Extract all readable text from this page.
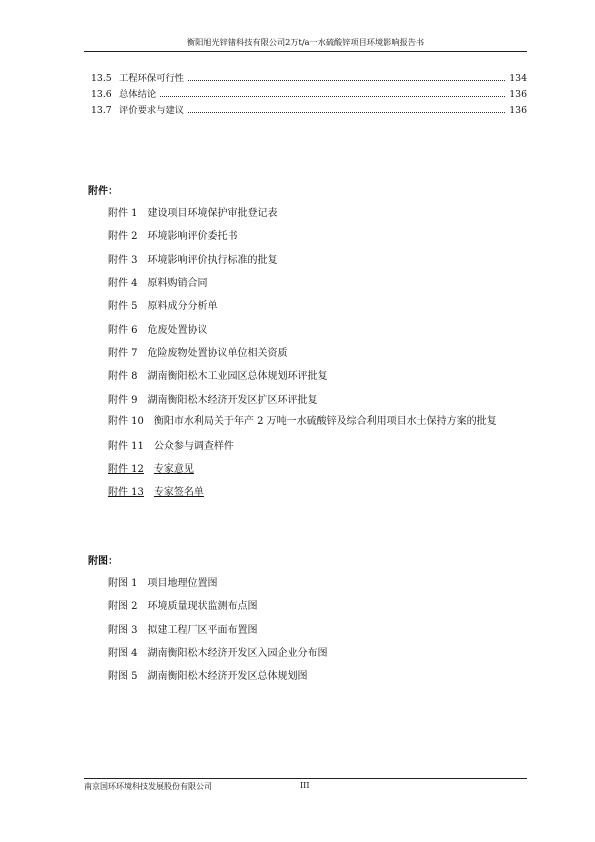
衡阳旭光锌锗科技有限公司2万t/a一水硫酸锌项目环境影响报告书
13.5 工程环保可行性	134
13.6 总体结论	136
13.7 评价要求与建议	136
附件：
附件 1 建设项目环境保护审批登记表
附件 2 环境影响评价委托书
附件 3 环境影响评价执行标准的批复
附件 4 原料购销合同
附件 5 原料成分分析单
附件 6 危废处置协议
附件 7 危险废物处置协议单位相关资质
附件 8 湖南衡阳松木工业园区总体规划环评批复
附件 9 湖南衡阳松木经济开发区扩区环评批复
附件 10 衡阳市水利局关于年产 2 万吨一水硫酸锌及综合利用项目水土保持方案的批复
附件 11 公众参与调查样件
附件 12 专家意见
附件 13 专家签名单
附图：
附图 1 项目地理位置图
附图 2 环境质量现状监测布点图
附图 3 拟建工程厂区平面布置图
附图 4 湖南衡阳松木经济开发区入园企业分布图
附图 5 湖南衡阳松木经济开发区总体规划图
南京国环环境科技发展股份有限公司	III
